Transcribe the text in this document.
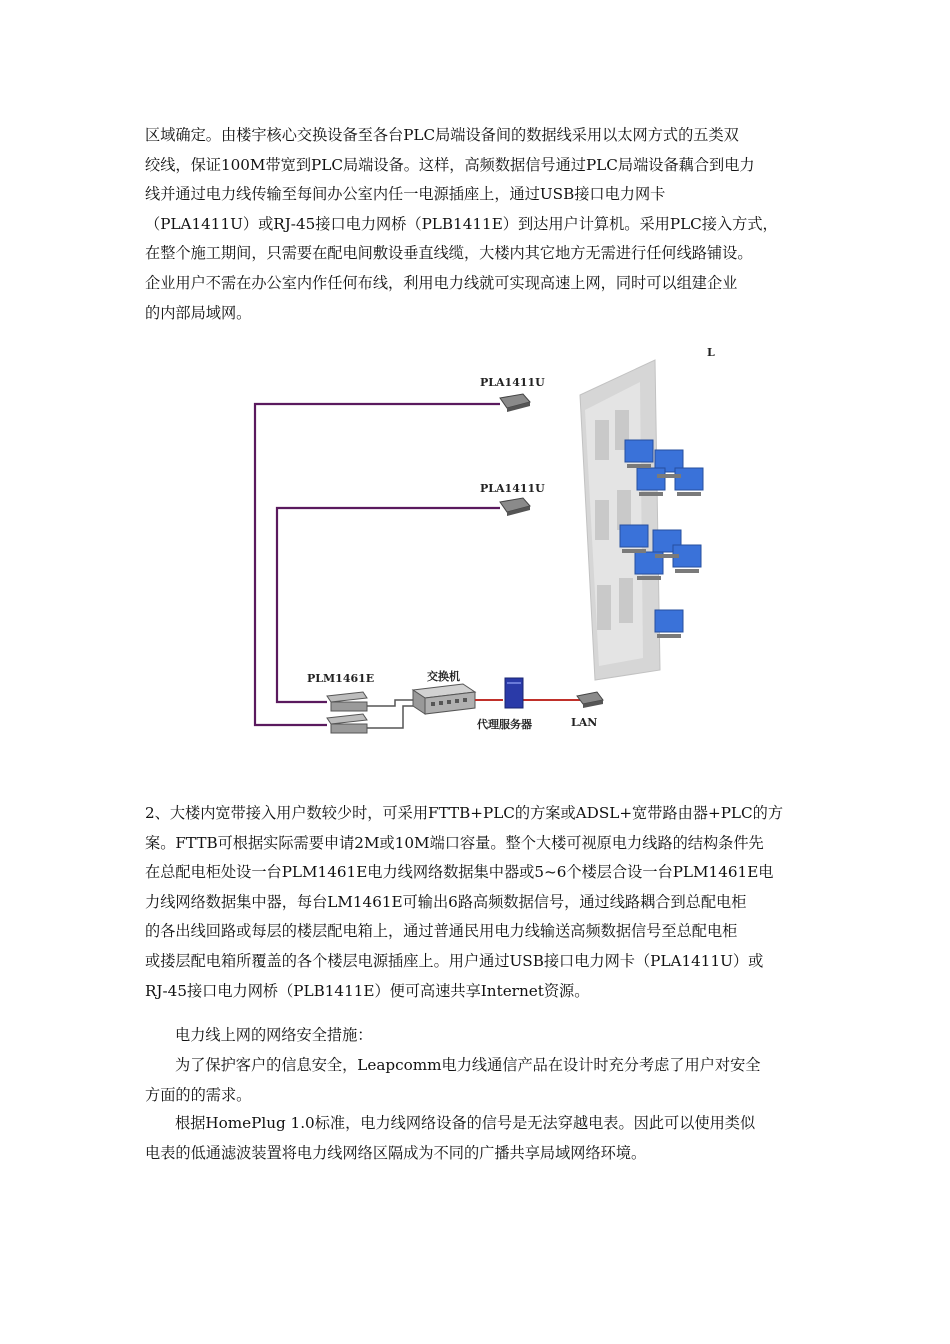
区域确定。由楼宇核心交换设备至各台PLC局端设备间的数据线采用以太网方式的五类双
绞线，保证100M带宽到PLC局端设备。这样，高频数据信号通过PLC局端设备藕合到电力
线并通过电力线传输至每间办公室内任一电源插座上，通过USB接口电力网卡
（PLA1411U）或RJ-45接口电力网桥（PLB1411E）到达用户计算机。采用PLC接入方式，
在整个施工期间，只需要在配电间敷设垂直线缆，大楼内其它地方无需进行任何线路铺设。
企业用户不需在办公室内作任何布线，利用电力线就可实现高速上网，同时可以组建企业
的内部局域网。
L
PLA1411U
PLA1411U
PLM1461E	交换机
代理服务器	LAN
2、大楼内宽带接入用户数较少时，可采用FTTB+PLC的方案或ADSL+宽带路由器+PLC的方
案。FTTB可根据实际需要申请2M或10M端口容量。整个大楼可视原电力线路的结构条件先
在总配电柜处设一台PLM1461E电力线网络数据集中器或5~6个楼层合设一台PLM1461E电
力线网络数据集中器，每台LM1461E可输出6路高频数据信号，通过线路耦合到总配电柜
的各出线回路或每层的楼层配电箱上，通过普通民用电力线输送高频数据信号至总配电柜
或搂层配电箱所覆盖的各个楼层电源插座上。用户通过USB接口电力网卡（PLA1411U）或
RJ-45接口电力网桥（PLB1411E）便可高速共享Internet资源。
电力线上网的网络安全措施：
为了保护客户的信息安全，Leapcomm电力线通信产品在设计时充分考虑了用户对安全
方面的的需求。
根据HomePlug 1.0标准，电力线网络设备的信号是无法穿越电表。因此可以使用类似
电表的低通滤波装置将电力线网络区隔成为不同的广播共享局域网络环境。
